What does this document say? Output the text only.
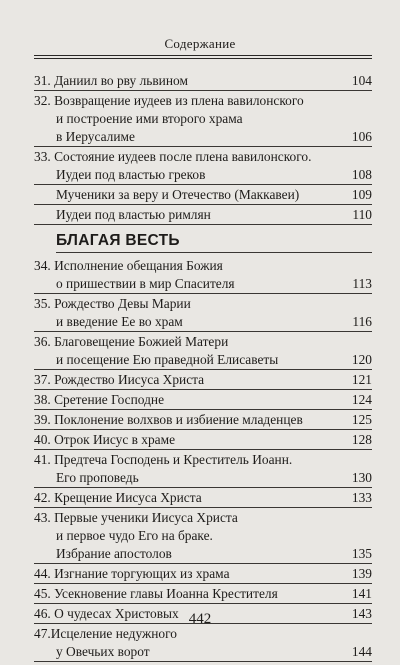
Содержание
31. Даниил во рву львином	104
32. Возвращение иудеев из плена вавилонского
и построение ими второго храма
в Иерусалиме	106
33. Состояние иудеев после плена вавилонского.
Иудеи под властью греков	108
Мученики за веру и Отечество (Маккавеи)	109
Иудеи под властью римлян	110
БЛАГАЯ ВЕСТЬ
34. Исполнение обещания Божия
о пришествии в мир Спасителя	113
35. Рождество Девы Марии
и введение Ее во храм	116
36. Благовещение Божией Матери
и посещение Ею праведной Елисаветы	120
37. Рождество Иисуса Христа	121
38. Сретение Господне	124
39. Поклонение волхвов и избиение младенцев	125
40. Отрок Иисус в храме	128
41. Предтеча Господень и Креститель Иоанн.
Его проповедь	130
42. Крещение Иисуса Христа	133
43. Первые ученики Иисуса Христа
и первое чудо Его на браке.
Избрание апостолов	135
44. Изгнание торгующих из храма	139
45. Усекновение главы Иоанна Крестителя	141
46. О чудесах Христовых	143
47.Исцеление недужного
у Овечьих ворот	144
442
